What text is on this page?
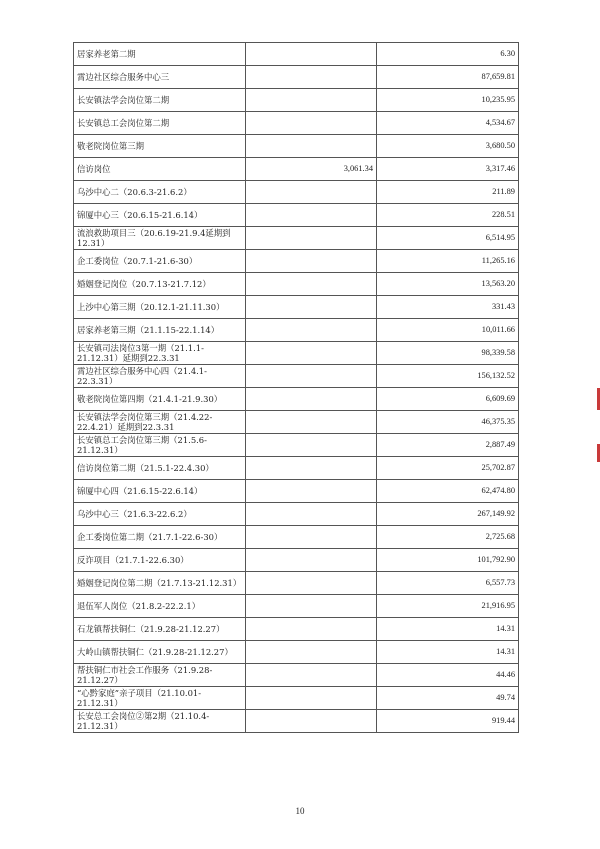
居家养老第二期		6.30
霄边社区综合服务中心三		87,659.81
长安镇法学会岗位第二期		10,235.95
长安镇总工会岗位第二期		4,534.67
敬老院岗位第三期		3,680.50
信访岗位	3,061.34	3,317.46
乌沙中心二（20.6.3-21.6.2）		211.89
锦厦中心三（20.6.15-21.6.14）		228.51
流浪救助项目三（20.6.19-21.9.4延期到12.31）		6,514.95
企工委岗位（20.7.1-21.6-30）		11,265.16
婚姻登记岗位（20.7.13-21.7.12）		13,563.20
上沙中心第三期（20.12.1-21.11.30）		331.43
居家养老第三期（21.1.15-22.1.14）		10,011.66
长安镇司法岗位3第一期（21.1.1-21.12.31）延期到22.3.31		98,339.58
霄边社区综合服务中心四（21.4.1-22.3.31）		156,132.52
敬老院岗位第四期（21.4.1-21.9.30）		6,609.69
长安镇法学会岗位第三期（21.4.22-22.4.21）延期到22.3.31		46,375.35
长安镇总工会岗位第三期（21.5.6-21.12.31）		2,887.49
信访岗位第二期（21.5.1-22.4.30）		25,702.87
锦厦中心四（21.6.15-22.6.14）		62,474.80
乌沙中心三（21.6.3-22.6.2）		267,149.92
企工委岗位第二期（21.7.1-22.6-30）		2,725.68
反诈项目（21.7.1-22.6.30）		101,792.90
婚姻登记岗位第二期（21.7.13-21.12.31）		6,557.73
退伍军人岗位（21.8.2-22.2.1）		21,916.95
石龙镇帮扶铜仁（21.9.28-21.12.27）		14.31
大岭山镇帮扶铜仁（21.9.28-21.12.27）		14.31
帮扶铜仁市社会工作服务（21.9.28-21.12.27）		44.46
“心黔家庭”亲子项目（21.10.01-21.12.31）		49.74
长安总工会岗位②第2期（21.10.4-21.12.31）		919.44
10
